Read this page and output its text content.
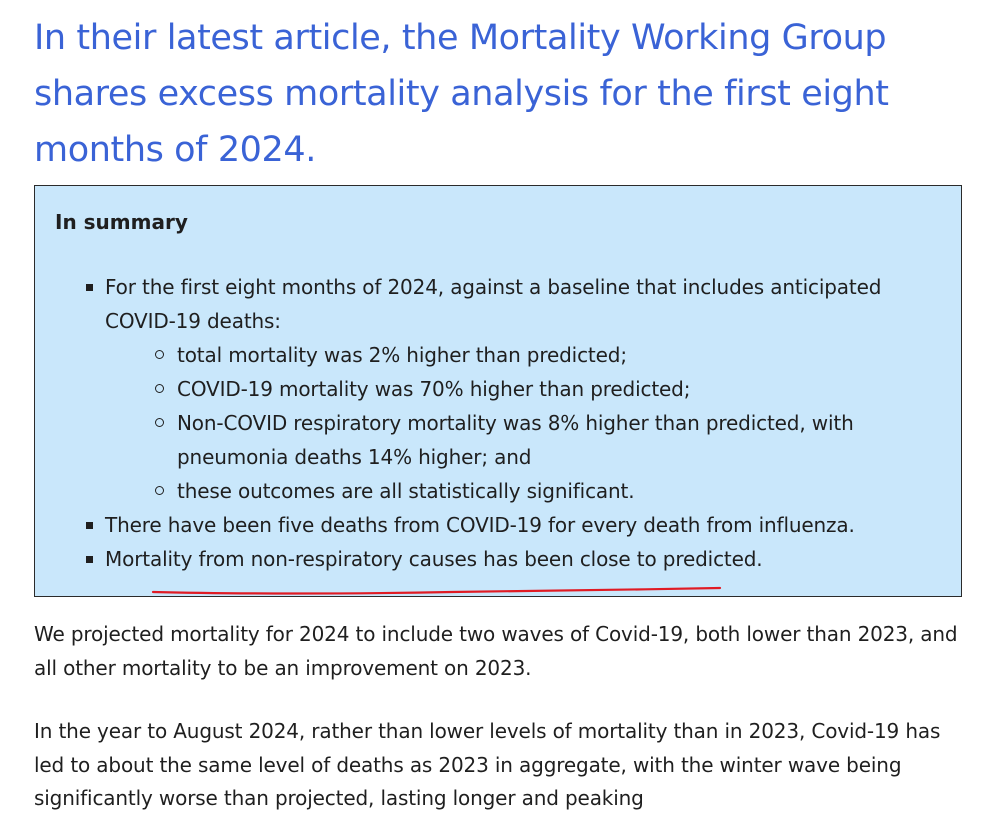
In their latest article, the Mortality Working Group shares excess mortality analysis for the first eight months of 2024.

In summary

For the first eight months of 2024, against a baseline that includes anticipated COVID-19 deaths:
total mortality was 2% higher than predicted;
COVID-19 mortality was 70% higher than predicted;
Non-COVID respiratory mortality was 8% higher than predicted, with pneumonia deaths 14% higher; and
these outcomes are all statistically significant.
There have been five deaths from COVID-19 for every death from influenza.
Mortality from non-respiratory causes has been close to predicted.

We projected mortality for 2024 to include two waves of Covid-19, both lower than 2023, and all other mortality to be an improvement on 2023.

In the year to August 2024, rather than lower levels of mortality than in 2023, Covid-19 has led to about the same level of deaths as 2023 in aggregate, with the winter wave being significantly worse than projected, lasting longer and peaking
